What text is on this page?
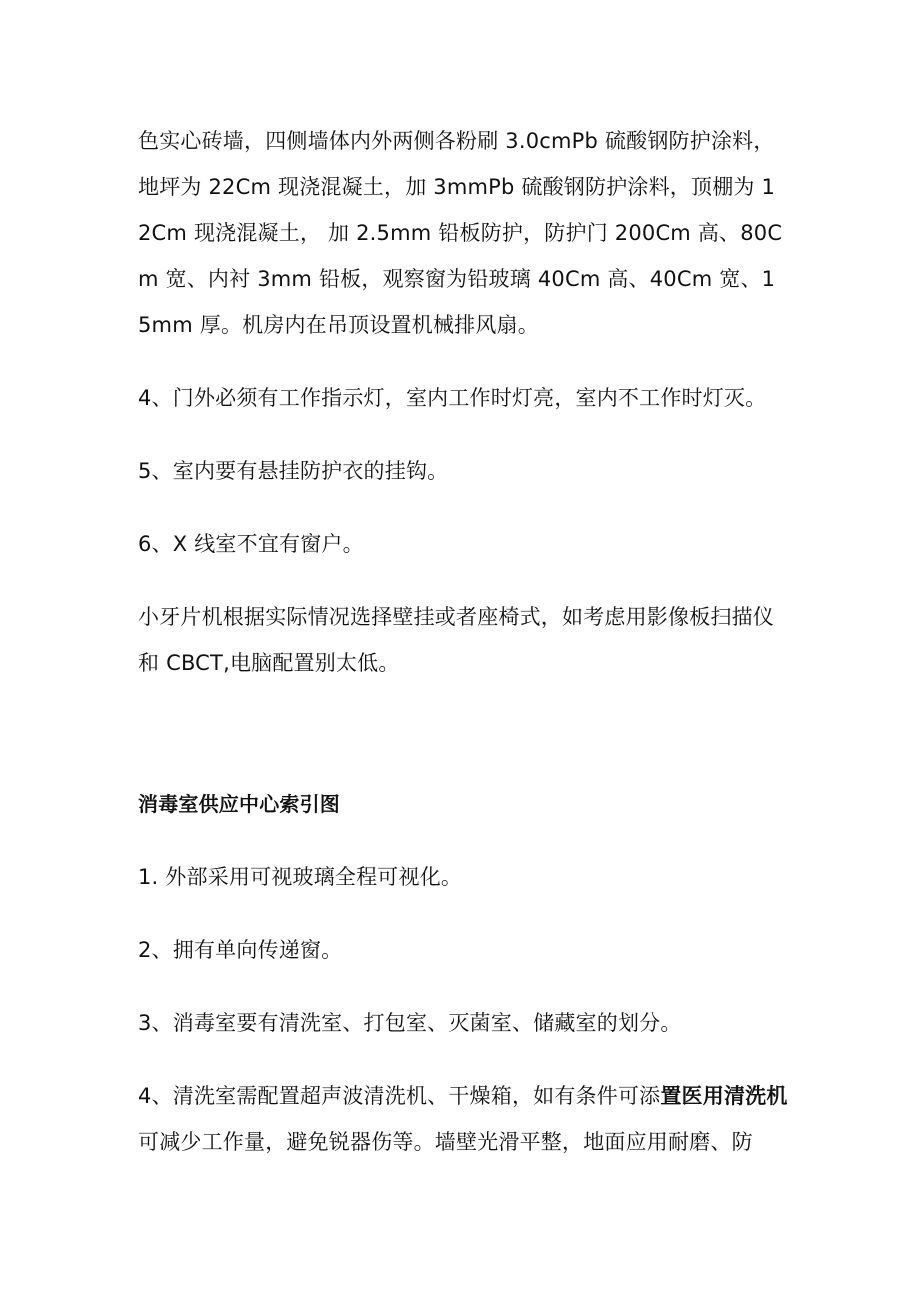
色实心砖墙，四侧墙体内外两侧各粉刷 3.0cmPb 硫酸钢防护涂料，地坪为 22Cm 现浇混凝土，加 3mmPb 硫酸钢防护涂料，顶棚为 12Cm 现浇混凝土， 加 2.5mm 铅板防护，防护门 200Cm 高、80Cm 宽、内衬 3mm 铅板，观察窗为铅玻璃 40Cm 高、40Cm 宽、15mm 厚。机房内在吊顶设置机械排风扇。

4、门外必须有工作指示灯，室内工作时灯亮，室内不工作时灯灭。

5、室内要有悬挂防护衣的挂钩。

6、X 线室不宜有窗户。

小牙片机根据实际情况选择壁挂或者座椅式，如考虑用影像板扫描仪和 CBCT,电脑配置别太低。

消毒室供应中心索引图

1. 外部采用可视玻璃全程可视化。

2、拥有单向传递窗。

3、消毒室要有清洗室、打包室、灭菌室、储藏室的划分。

4、清洗室需配置超声波清洗机、干燥箱，如有条件可添置医用清洗机可减少工作量，避免锐器伤等。墙壁光滑平整，地面应用耐磨、防
